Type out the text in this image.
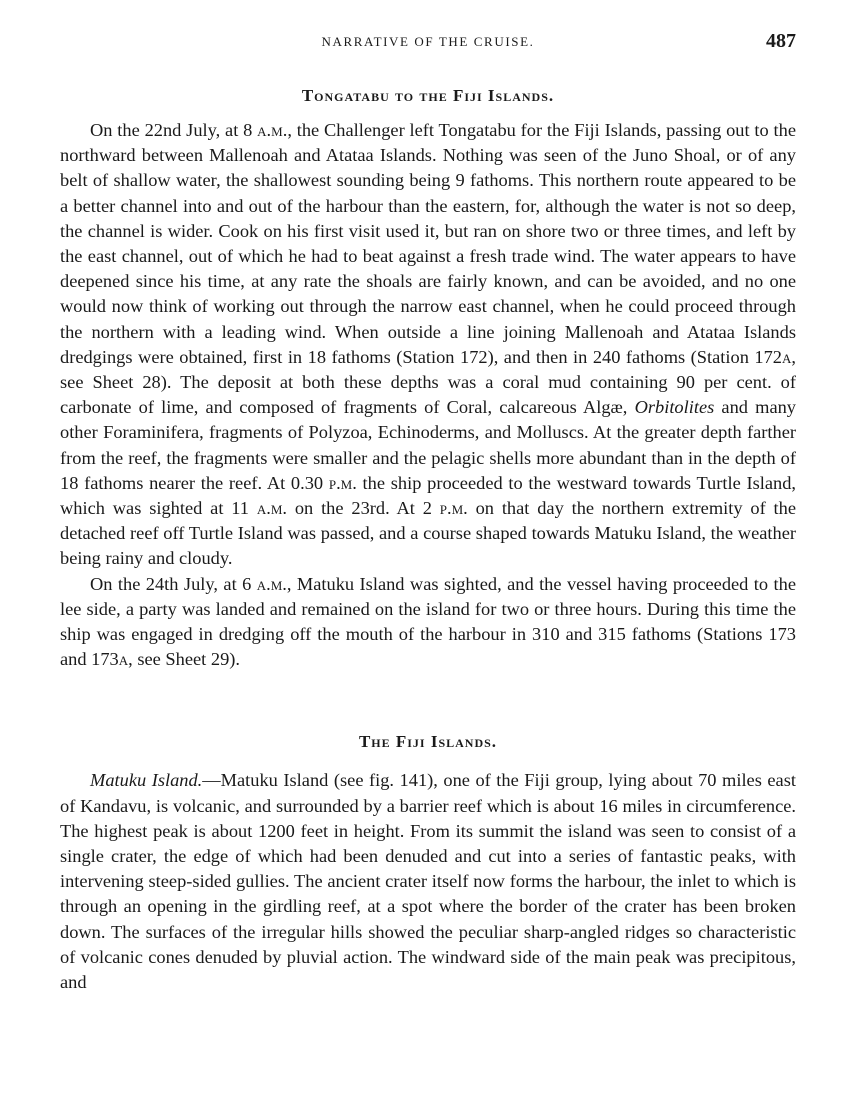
NARRATIVE OF THE CRUISE.	487
Tongatabu to the Fiji Islands.

On the 22nd July, at 8 a.m., the Challenger left Tongatabu for the Fiji Islands, passing out to the northward between Mallenoah and Atataa Islands. Nothing was seen of the Juno Shoal, or of any belt of shallow water, the shallowest sounding being 9 fathoms. This northern route appeared to be a better channel into and out of the harbour than the eastern, for, although the water is not so deep, the channel is wider. Cook on his first visit used it, but ran on shore two or three times, and left by the east channel, out of which he had to beat against a fresh trade wind. The water appears to have deepened since his time, at any rate the shoals are fairly known, and can be avoided, and no one would now think of working out through the narrow east channel, when he could proceed through the northern with a leading wind. When outside a line joining Mallenoah and Atataa Islands dredgings were obtained, first in 18 fathoms (Station 172), and then in 240 fathoms (Station 172a, see Sheet 28). The deposit at both these depths was a coral mud containing 90 per cent. of carbonate of lime, and composed of fragments of Coral, calcareous Algæ, Orbitolites and many other Foraminifera, fragments of Polyzoa, Echinoderms, and Molluscs. At the greater depth farther from the reef, the fragments were smaller and the pelagic shells more abundant than in the depth of 18 fathoms nearer the reef. At 0.30 p.m. the ship proceeded to the westward towards Turtle Island, which was sighted at 11 a.m. on the 23rd. At 2 p.m. on that day the northern extremity of the detached reef off Turtle Island was passed, and a course shaped towards Matuku Island, the weather being rainy and cloudy.

On the 24th July, at 6 a.m., Matuku Island was sighted, and the vessel having proceeded to the lee side, a party was landed and remained on the island for two or three hours. During this time the ship was engaged in dredging off the mouth of the harbour in 310 and 315 fathoms (Stations 173 and 173a, see Sheet 29).

The Fiji Islands.

Matuku Island.—Matuku Island (see fig. 141), one of the Fiji group, lying about 70 miles east of Kandavu, is volcanic, and surrounded by a barrier reef which is about 16 miles in circumference. The highest peak is about 1200 feet in height. From its summit the island was seen to consist of a single crater, the edge of which had been denuded and cut into a series of fantastic peaks, with intervening steep-sided gullies. The ancient crater itself now forms the harbour, the inlet to which is through an opening in the girdling reef, at a spot where the border of the crater has been broken down. The surfaces of the irregular hills showed the peculiar sharp-angled ridges so characteristic of volcanic cones denuded by pluvial action. The windward side of the main peak was precipitous, and
